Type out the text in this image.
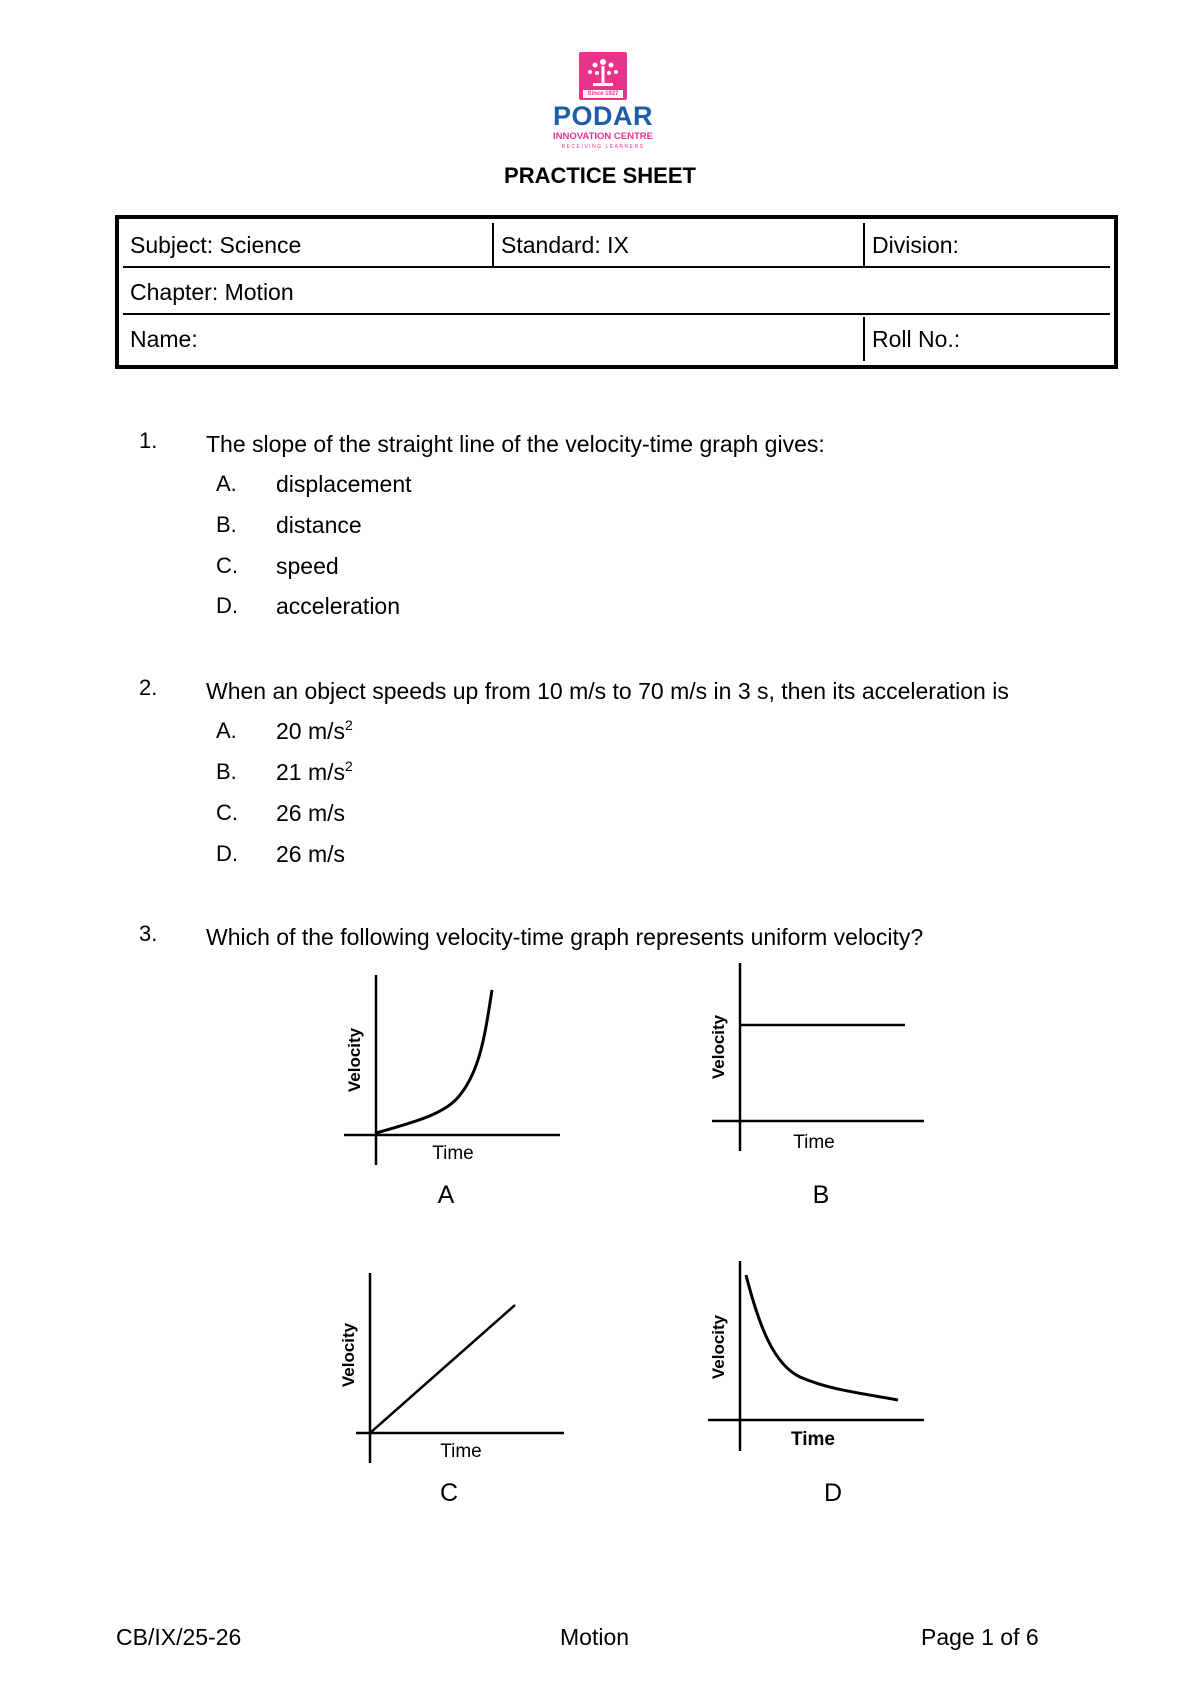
Since 1927
PODAR
INNOVATION CENTRE
RECEIVING LEARNERS
PRACTICE SHEET
Subject: Science	Standard: IX	Division:
Chapter: Motion
Name:	Roll No.:
1. The slope of the straight line of the velocity-time graph gives:
A. displacement
B. distance
C. speed
D. acceleration
2. When an object speeds up from 10 m/s to 70 m/s in 3 s, then its acceleration is
A. 20 $m/s^2$
B. 21 $m/s^2$
C. 26 m/s
D. 26 m/s
3. Which of the following velocity-time graph represents uniform velocity?
Velocity
Time
A
Velocity
Time
B
Velocity
Time
C
Velocity
Time
D
CB/IX/25-26	Motion	Page 1 of 6
